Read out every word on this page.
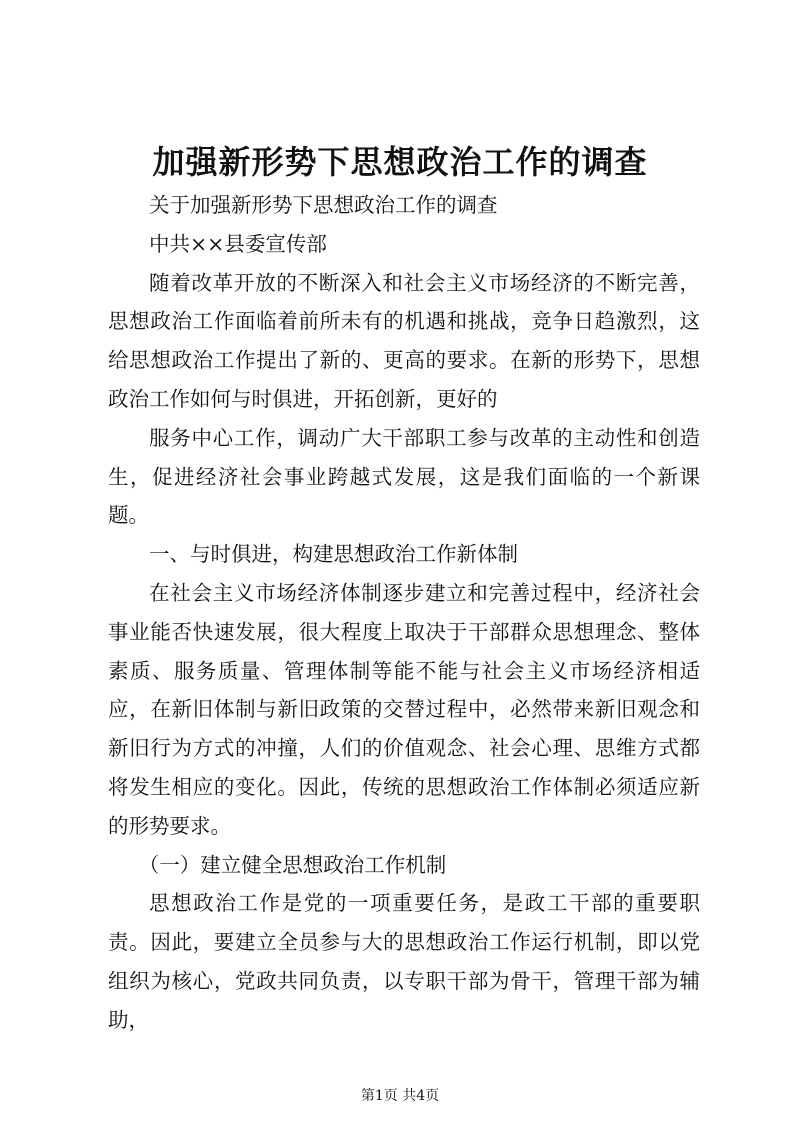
加强新形势下思想政治工作的调查

关于加强新形势下思想政治工作的调查

中共××县委宣传部

随着改革开放的不断深入和社会主义市场经济的不断完善，思想政治工作面临着前所未有的机遇和挑战，竞争日趋激烈，这给思想政治工作提出了新的、更高的要求。在新的形势下，思想政治工作如何与时俱进，开拓创新，更好的

服务中心工作，调动广大干部职工参与改革的主动性和创造生，促进经济社会事业跨越式发展，这是我们面临的一个新课题。

一、与时俱进，构建思想政治工作新体制

在社会主义市场经济体制逐步建立和完善过程中，经济社会事业能否快速发展，很大程度上取决于干部群众思想理念、整体素质、服务质量、管理体制等能不能与社会主义市场经济相适应，在新旧体制与新旧政策的交替过程中，必然带来新旧观念和新旧行为方式的冲撞，人们的价值观念、社会心理、思维方式都将发生相应的变化。因此，传统的思想政治工作体制必须适应新的形势要求。

（一）建立健全思想政治工作机制

思想政治工作是党的一项重要任务，是政工干部的重要职责。因此，要建立全员参与大的思想政治工作运行机制，即以党组织为核心，党政共同负责，以专职干部为骨干，管理干部为辅助，

第1页 共4页
